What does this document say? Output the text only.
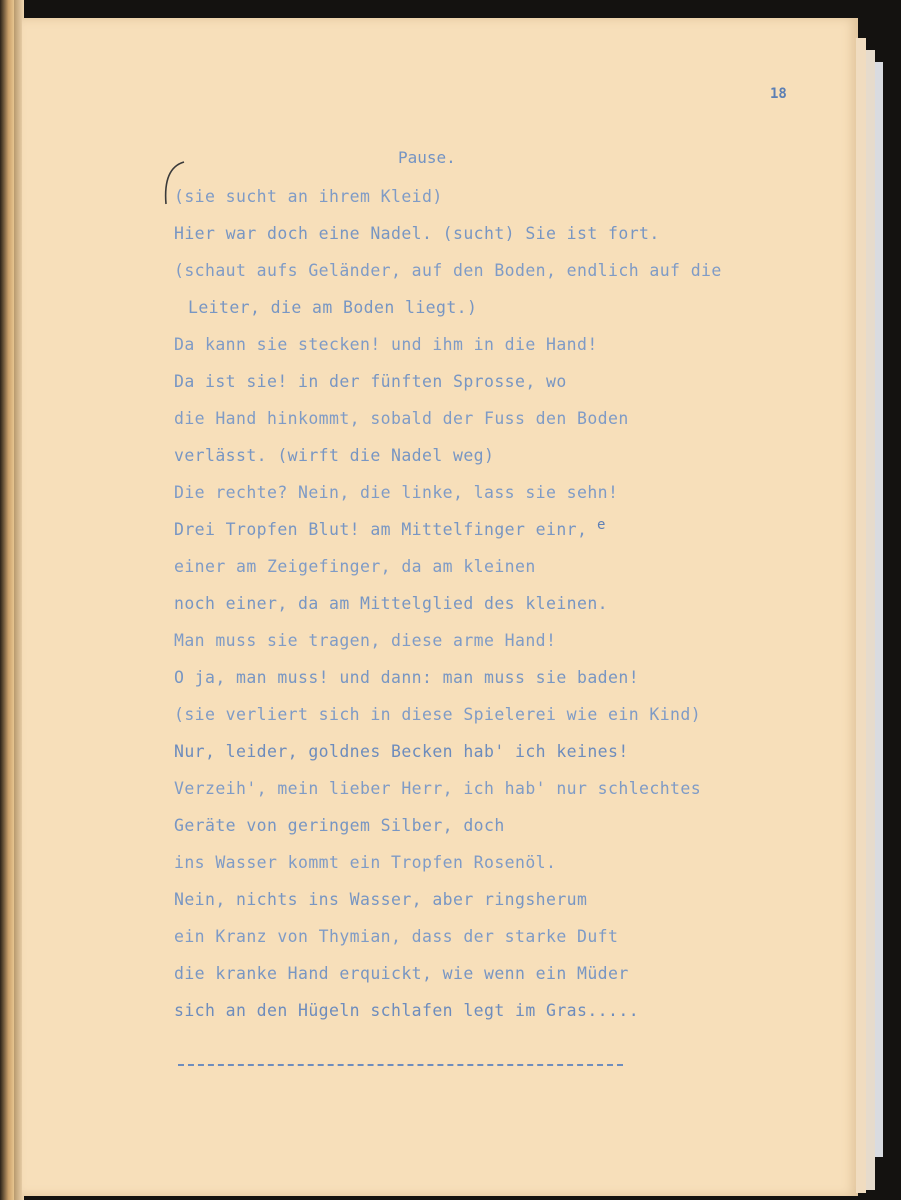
18
Pause.
(sie sucht an ihrem Kleid)
Hier war doch eine Nadel. (sucht) Sie ist fort.
(schaut aufs Geländer, auf den Boden, endlich auf die
Leiter, die am Boden liegt.)
Da kann sie stecken! und ihm in die Hand!
Da ist sie! in der fünften Sprosse, wo
die Hand hinkommt, sobald der Fuss den Boden
verlässt. (wirft die Nadel weg)
Die rechte? Nein, die linke, lass sie sehn!
Drei Tropfen Blut! am Mittelfinger einr,
einer am Zeigefinger, da am kleinen
noch einer, da am Mittelglied des kleinen.
Man muss sie tragen, diese arme Hand!
O ja, man muss! und dann: man muss sie baden!
(sie verliert sich in diese Spielerei wie ein Kind)
Nur, leider, goldnes Becken hab' ich keines!
Verzeih', mein lieber Herr, ich hab' nur schlechtes
Geräte von geringem Silber, doch
ins Wasser kommt ein Tropfen Rosenöl.
Nein, nichts ins Wasser, aber ringsherum
ein Kranz von Thymian, dass der starke Duft
die kranke Hand erquickt, wie wenn ein Müder
sich an den Hügeln schlafen legt im Gras.....
e
